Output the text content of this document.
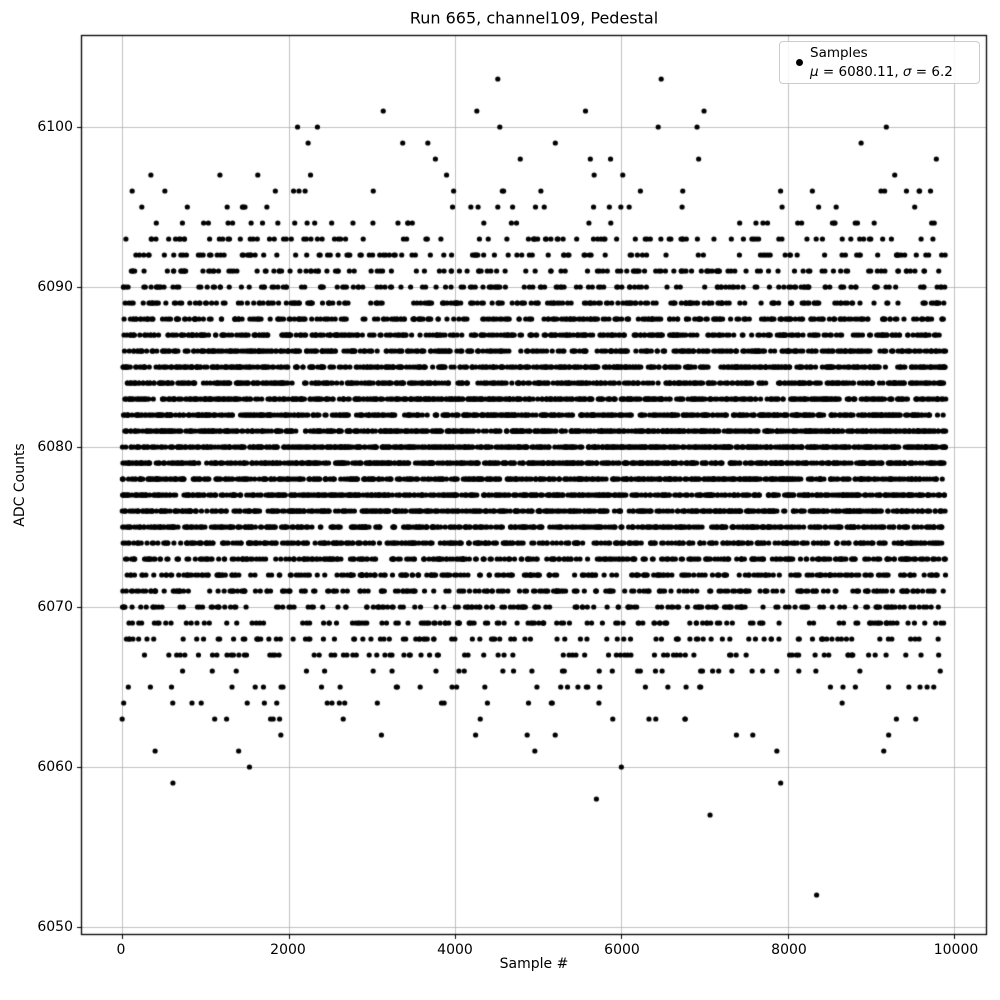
Run 665, channel109, Pedestal
Sample #
ADC Counts
0	2000	4000	6000	8000	10000
6050
6060
6070
6080
6090
6100
Samples
μ = 6080.11, σ = 6.2
